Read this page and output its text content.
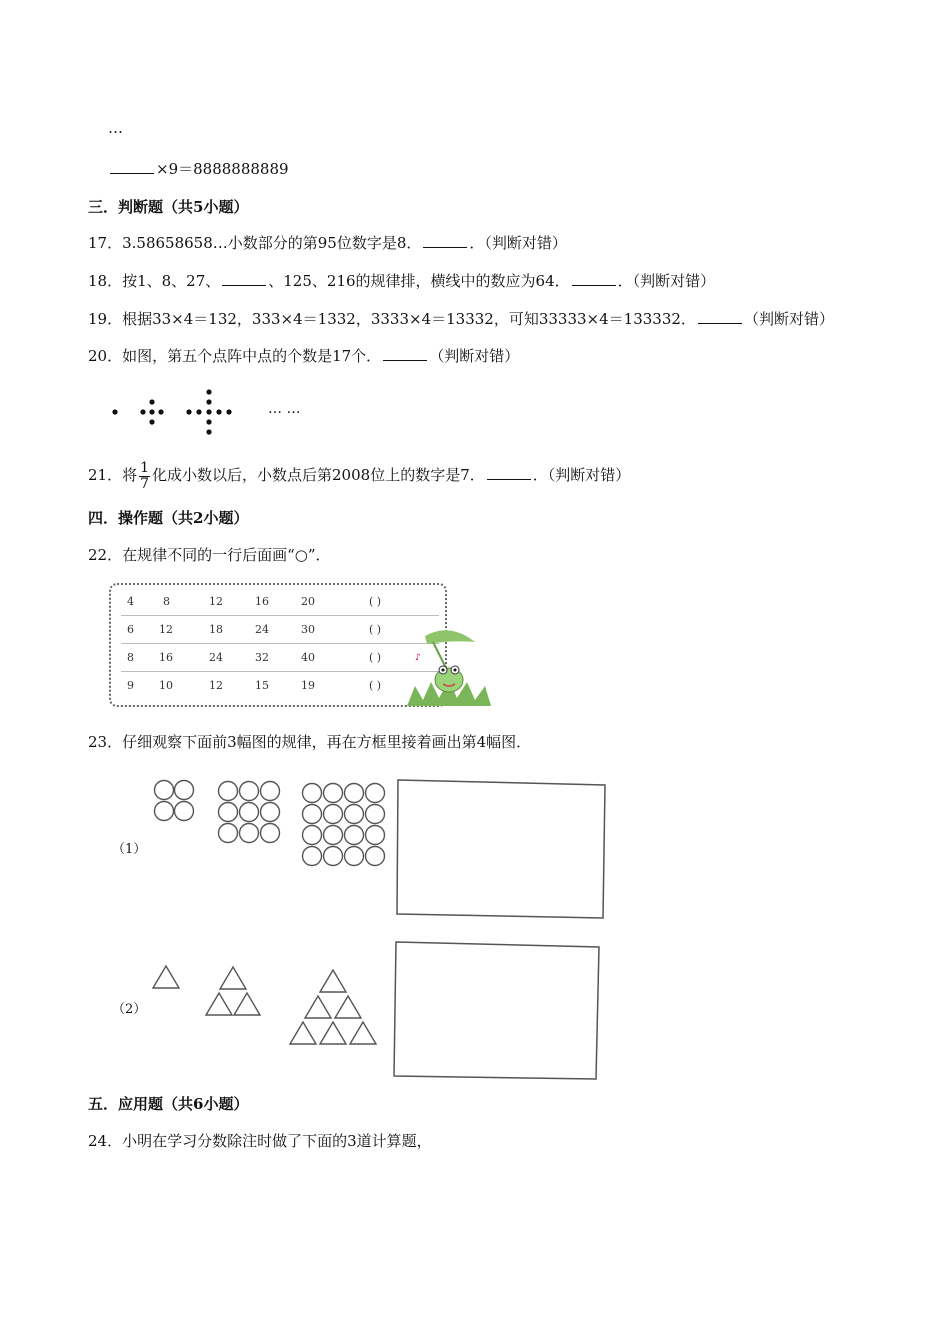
…
×9＝8888888889
三．判断题（共5小题）
17．3.58658658…小数部分的第95位数字是8．	．（判断对错）
18．按1、8、27、	、125、216的规律排，横线中的数应为64．	．（判断对错）
19．根据33×4＝132，333×4＝1332，3333×4＝13332，可知33333×4＝133332．	（判断对错）
20．如图，第五个点阵中点的个数是17个．	（判断对错）
… …
21．将 $\frac{1}{7}$ 化成小数以后，小数点后第2008位上的数字是7．	．（判断对错）
四．操作题（共2小题）
22．在规律不同的一行后面画“○”．
4	8	12	16	20	( )
6 12	18	24	30	( )
8 16	24	32	40	( )
9 10	12	15	19	( )
♪
23．仔细观察下面前3幅图的规律，再在方框里接着画出第4幅图．
（1）
（2）
五．应用题（共6小题）
24．小明在学习分数除注时做了下面的3道计算题，
